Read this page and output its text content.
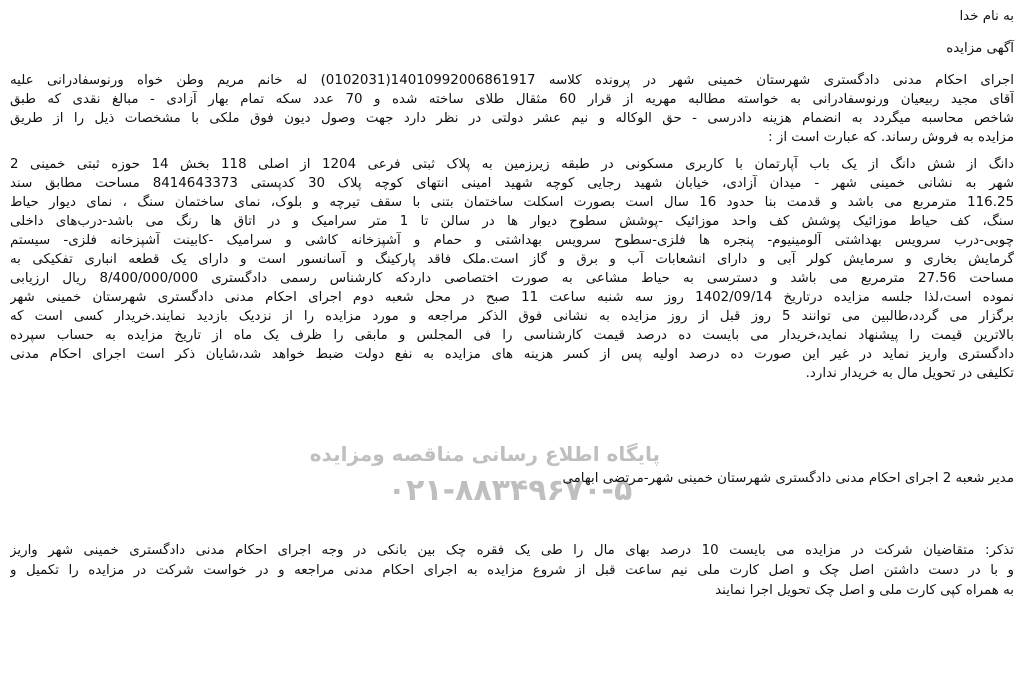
پایگاه اطلاع رسانی مناقصه ومزایده
۰۲۱-۸۸۳۴۹۶۷۰-۵
به نام خدا
آگهی مزایده
اجرای احکام مدنی دادگستری شهرستان خمینی شهر در پرونده کلاسه 14010992006861917(0102031) له خانم مریم وطن خواه ورنوسفادرانی علیه
آقای مجید ربیعیان ورنوسفادرانی به خواسته مطالبه مهریه از قرار 60 مثقال طلای ساخته شده و 70 عدد سکه تمام بهار آزادی - مبالغ نقدی که طبق
شاخص محاسبه میگردد به انضمام هزینه دادرسی - حق الوکاله و نیم عشر دولتی در نظر دارد جهت وصول دیون فوق ملکی با مشخصات ذیل را از طریق
مزایده به فروش رساند. که عبارت است از :
دانگ از شش دانگ از یک باب آپارتمان با کاربری مسکونی در طبقه زیرزمین به پلاک ثبتی فرعی 1204 از اصلی 118 بخش 14 حوزه ثبتی خمینی 2
شهر به نشانی خمینی شهر - میدان آزادی، خیابان شهید رجایی کوچه شهید امینی انتهای کوچه پلاک 30 کدپستی 8414643373 مساحت مطابق سند
116.25 مترمربع می باشد و قدمت بنا حدود 16 سال است بصورت اسکلت ساختمان بتنی با سقف تیرچه و بلوک، نمای ساختمان سنگ ، نمای دیوار حیاط
سنگ، کف حیاط موزائیک پوشش کف واحد موزائیک -پوشش سطوح دیوار ها در سالن تا 1 متر سرامیک و در اتاق ها رنگ می باشد-درب‌های داخلی
چوبی-درب سرویس بهداشتی آلومینیوم- پنجره ها فلزی-سطوح سرویس بهداشتی و حمام و آشپزخانه کاشی و سرامیک -کابینت آشپزخانه فلزی- سیستم
گرمایش بخاری و سرمایش کولر آبی و دارای انشعابات آب و برق و گاز است.ملک فاقد پارکینگ و آسانسور است و دارای یک قطعه انباری تفکیکی به
مساحت 27.56 مترمربع می باشد و دسترسی به حیاط مشاعی به صورت اختصاصی داردکه کارشناس رسمی دادگستری 8/400/000/000 ریال ارزیابی
نموده است،لذا جلسه مزایده درتاریخ 1402/09/14 روز سه شنبه ساعت 11 صبح در محل شعبه دوم اجرای احکام مدنی دادگستری شهرستان خمینی شهر
برگزار می گردد،طالبین می توانند 5 روز قبل از روز مزایده به نشانی فوق الذکر مراجعه و مورد مزایده را از نزدیک بازدید نمایند.خریدار کسی است که
بالاترین قیمت را پیشنهاد نماید،خریدار می بایست ده درصد قیمت کارشناسی را فی المجلس و مابقی را ظرف یک ماه از تاریخ مزایده به حساب سپرده
دادگستری واریز نماید در غیر این صورت ده درصد اولیه پس از کسر هزینه های مزایده به نفع دولت ضبط خواهد شد،شایان ذکر است اجرای احکام مدنی
تکلیفی در تحویل مال به خریدار ندارد.
مدیر شعبه 2 اجرای احکام مدنی دادگستری شهرستان خمینی شهر-مرتضی ابهامی
تذکر: متقاضیان شرکت در مزایده می بایست 10 درصد بهای مال را طی یک فقره چک بین بانکی در وجه اجرای احکام مدنی دادگستری خمینی شهر واریز
و با در دست داشتن اصل چک و اصل کارت ملی نیم ساعت قبل از شروع مزایده به اجرای احکام مدنی مراجعه و در خواست شرکت در مزایده را تکمیل و
به همراه کپی کارت ملی و اصل چک تحویل اجرا نمایند
